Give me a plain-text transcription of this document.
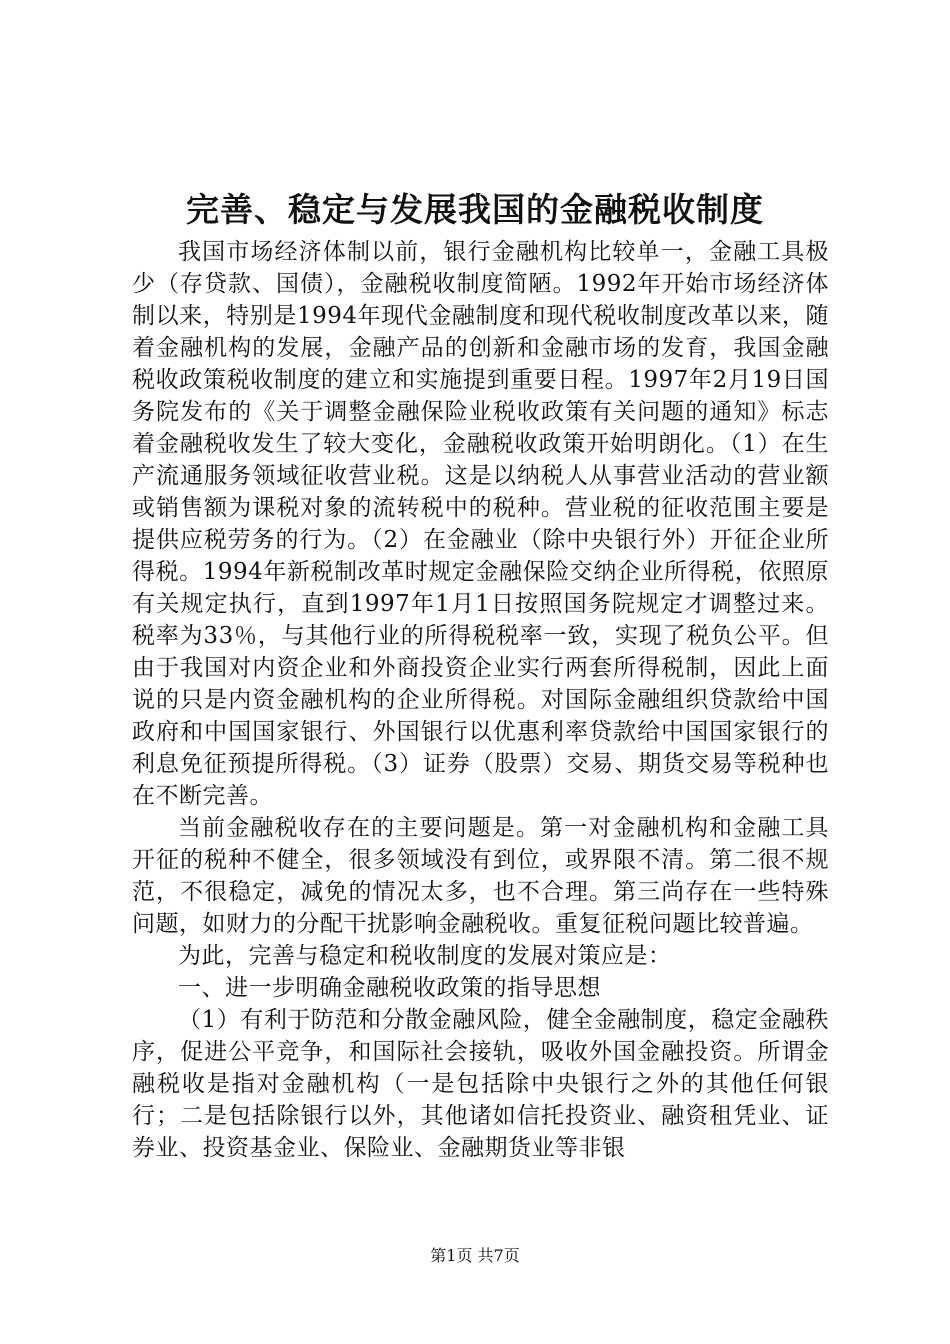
完善、稳定与发展我国的金融税收制度

我国市场经济体制以前，银行金融机构比较单一，金融工具极少（存贷款、国债），金融税收制度简陋。1992年开始市场经济体制以来，特别是1994年现代金融制度和现代税收制度改革以来，随着金融机构的发展，金融产品的创新和金融市场的发育，我国金融税收政策税收制度的建立和实施提到重要日程。1997年2月19日国务院发布的《关于调整金融保险业税收政策有关问题的通知》标志着金融税收发生了较大变化，金融税收政策开始明朗化。（1）在生产流通服务领域征收营业税。这是以纳税人从事营业活动的营业额或销售额为课税对象的流转税中的税种。营业税的征收范围主要是提供应税劳务的行为。（2）在金融业（除中央银行外）开征企业所得税。1994年新税制改革时规定金融保险交纳企业所得税，依照原有关规定执行，直到1997年1月1日按照国务院规定才调整过来。税率为33％，与其他行业的所得税税率一致，实现了税负公平。但由于我国对内资企业和外商投资企业实行两套所得税制，因此上面说的只是内资金融机构的企业所得税。对国际金融组织贷款给中国政府和中国国家银行、外国银行以优惠利率贷款给中国国家银行的利息免征预提所得税。（3）证券（股票）交易、期货交易等税种也在不断完善。

当前金融税收存在的主要问题是。第一对金融机构和金融工具开征的税种不健全，很多领域没有到位，或界限不清。第二很不规范，不很稳定，减免的情况太多，也不合理。第三尚存在一些特殊问题，如财力的分配干扰影响金融税收。重复征税问题比较普遍。

为此，完善与稳定和税收制度的发展对策应是：

一、进一步明确金融税收政策的指导思想

（1）有利于防范和分散金融风险，健全金融制度，稳定金融秩序，促进公平竞争，和国际社会接轨，吸收外国金融投资。所谓金融税收是指对金融机构（一是包括除中央银行之外的其他任何银行；二是包括除银行以外，其他诸如信托投资业、融资租凭业、证券业、投资基金业、保险业、金融期货业等非银

第1页 共7页
